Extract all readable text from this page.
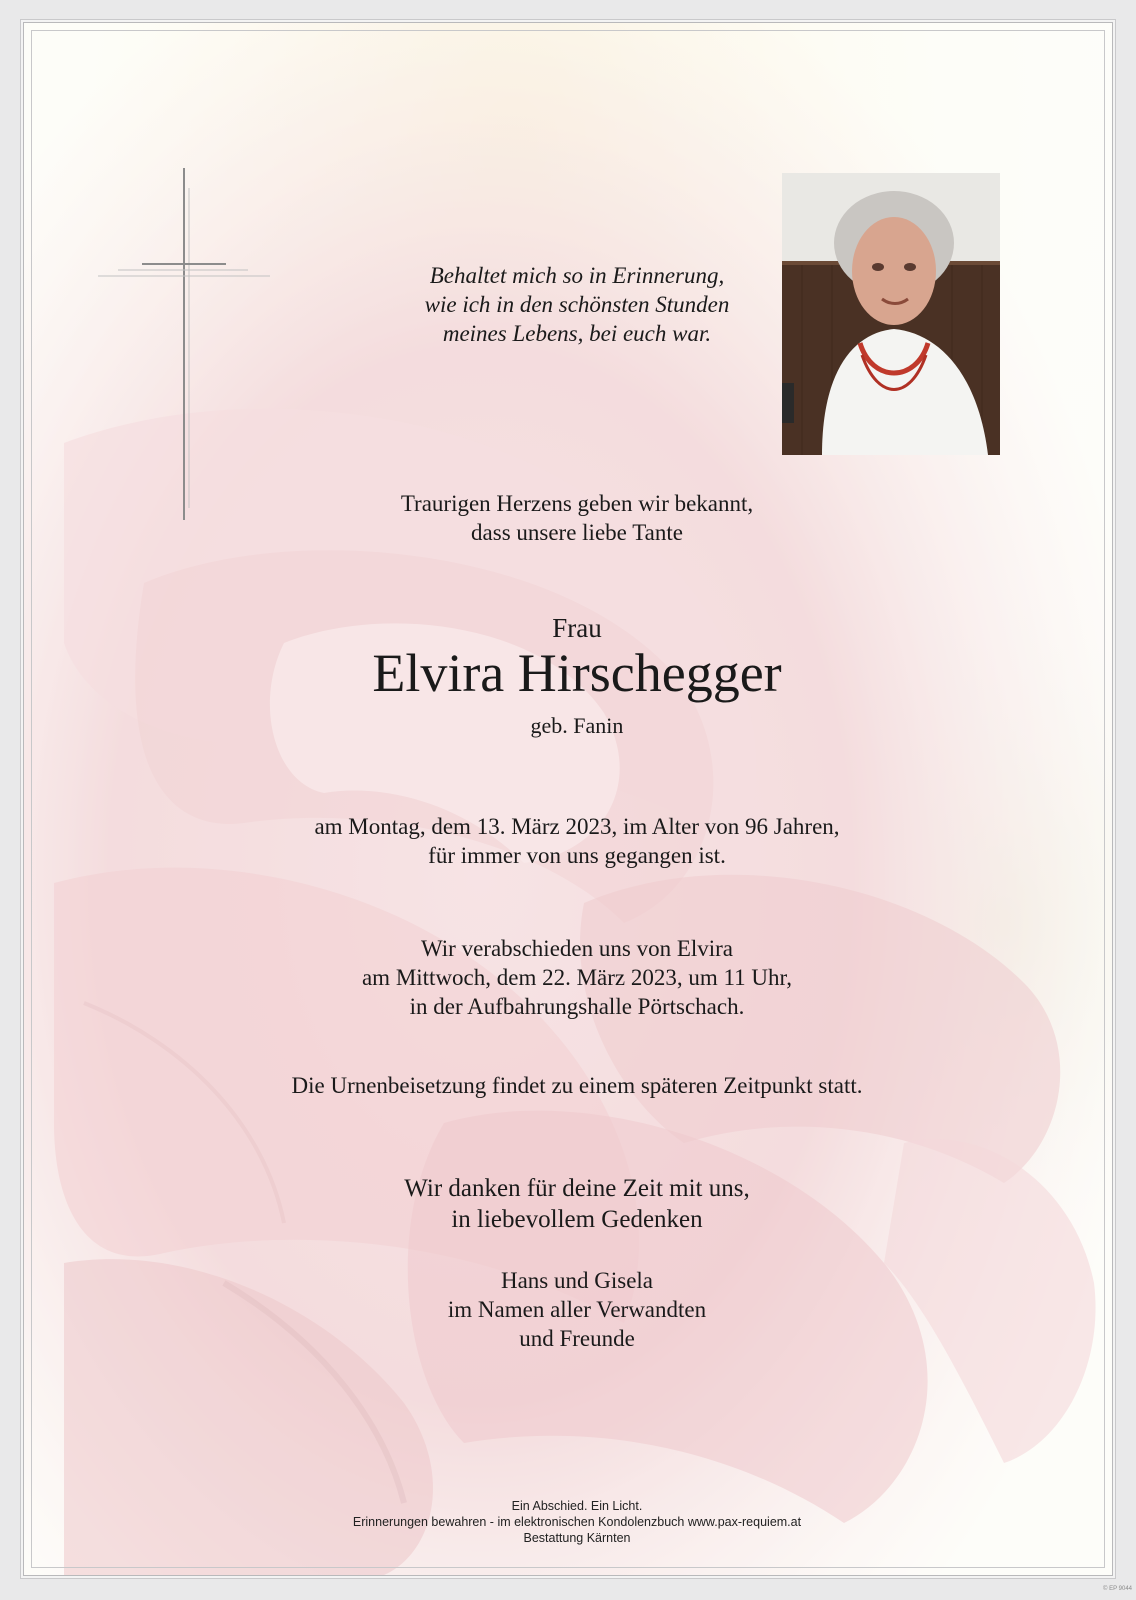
Behaltet mich so in Erinnerung,
wie ich in den schönsten Stunden
meines Lebens, bei euch war.
Traurigen Herzens geben wir bekannt,
dass unsere liebe Tante
Frau
Elvira Hirschegger
geb. Fanin
am Montag, dem 13. März 2023, im Alter von 96 Jahren,
für immer von uns gegangen ist.
Wir verabschieden uns von Elvira
am Mittwoch, dem 22. März 2023, um 11 Uhr,
in der Aufbahrungshalle Pörtschach.
Die Urnenbeisetzung findet zu einem späteren Zeitpunkt statt.
Wir danken für deine Zeit mit uns,
in liebevollem Gedenken
Hans und Gisela
im Namen aller Verwandten
und Freunde
Ein Abschied. Ein Licht.
Erinnerungen bewahren - im elektronischen Kondolenzbuch www.pax-requiem.at
Bestattung Kärnten
© EP 9044
